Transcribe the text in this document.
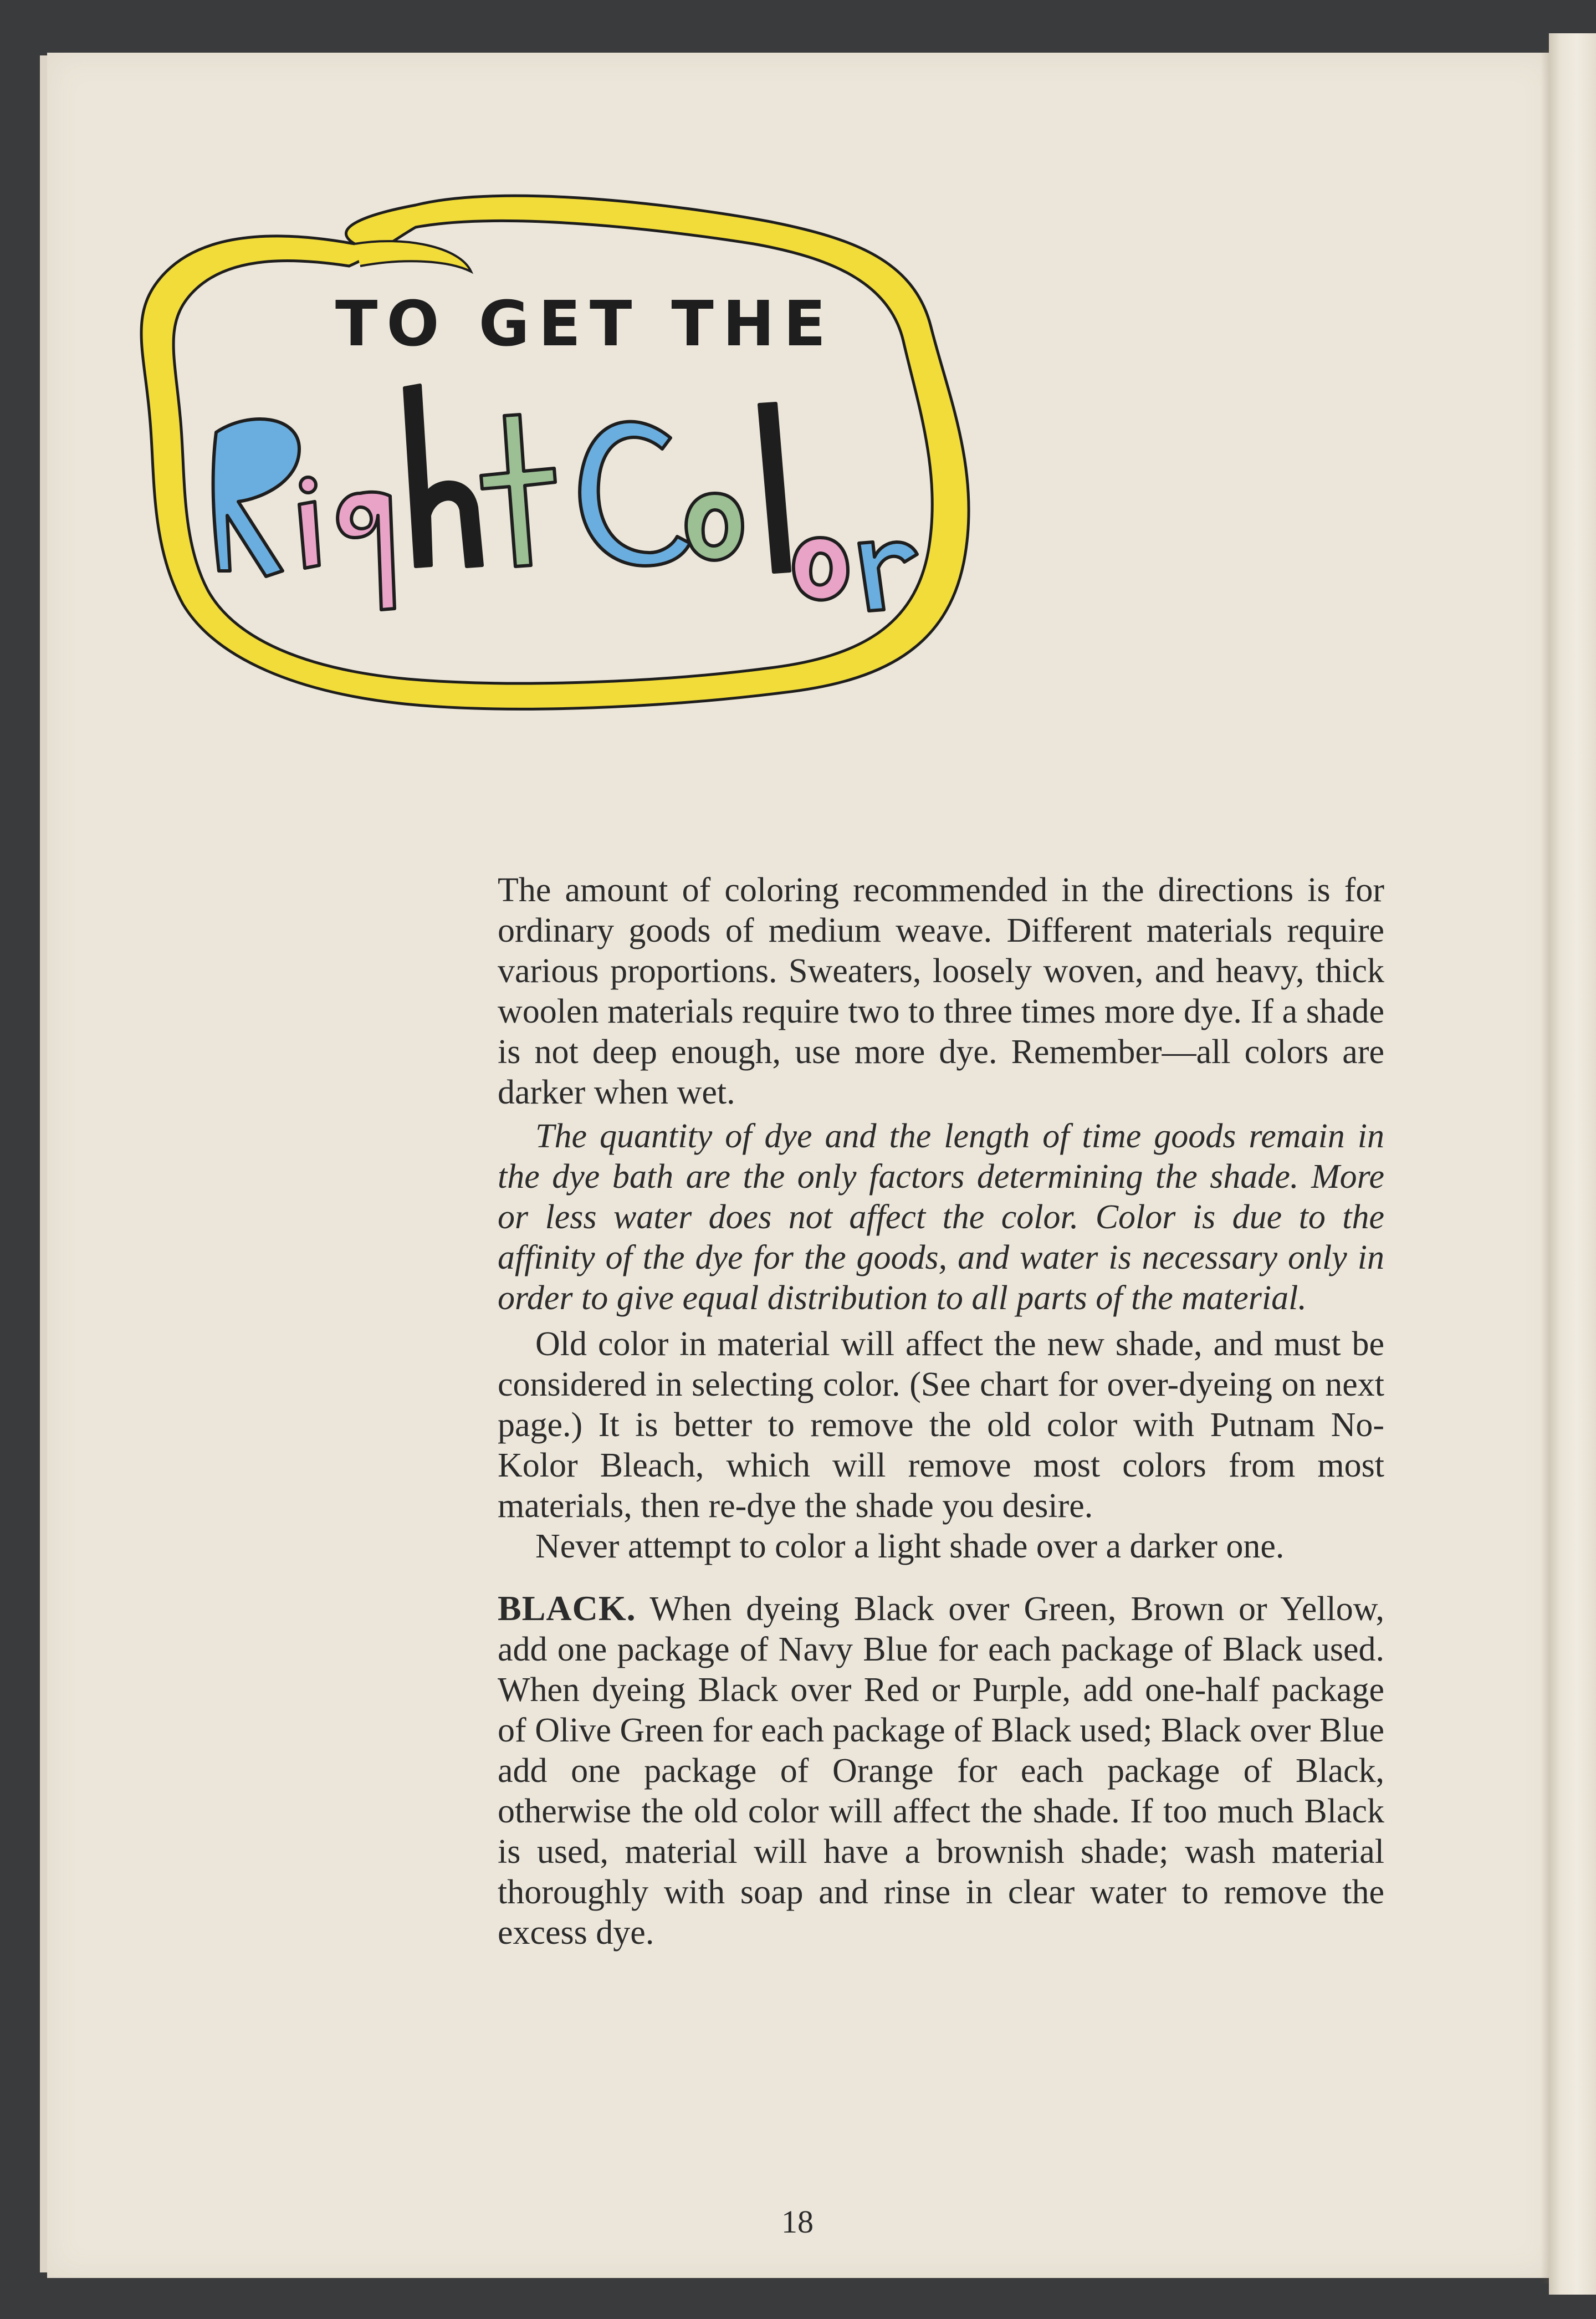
TO GET THE

The amount of coloring recommended in the directions is for ordinary goods of medium weave. Different materials require various proportions. Sweaters, loosely woven, and heavy, thick woolen materials require two to three times more dye. If a shade is not deep enough, use more dye. Remember—all colors are darker when wet.

The quantity of dye and the length of time goods remain in the dye bath are the only factors determining the shade. More or less water does not affect the color. Color is due to the affinity of the dye for the goods, and water is necessary only in order to give equal distribution to all parts of the material.

Old color in material will affect the new shade, and must be considered in selecting color. (See chart for over-dyeing on next page.) It is better to remove the old color with Putnam No-Kolor Bleach, which will remove most colors from most materials, then re-dye the shade you desire.

Never attempt to color a light shade over a darker one.

BLACK. When dyeing Black over Green, Brown or Yellow, add one package of Navy Blue for each package of Black used. When dyeing Black over Red or Purple, add one-half package of Olive Green for each package of Black used; Black over Blue add one package of Orange for each package of Black, otherwise the old color will affect the shade. If too much Black is used, material will have a brownish shade; wash material thoroughly with soap and rinse in clear water to remove the excess dye.

18
